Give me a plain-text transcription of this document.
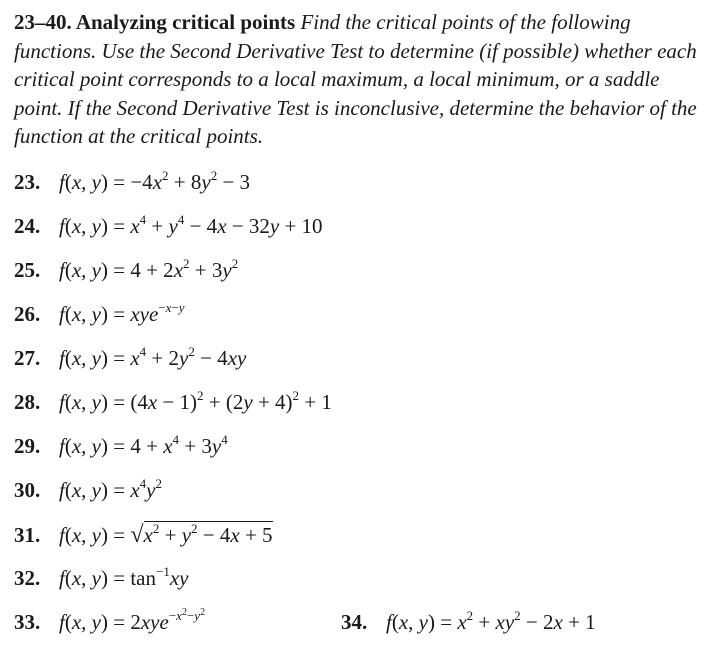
23–40. Analyzing critical points Find the critical points of the following functions. Use the Second Derivative Test to determine (if possible) whether each critical point corresponds to a local maximum, a local minimum, or a saddle point. If the Second Derivative Test is inconclusive, determine the behavior of the function at the critical points.
23. f(x, $y) = -4x^2 + 8y^2 - 3$
24. f(x, $y) = x^4 + y^4 - 4x - 32y + 10$
25. f(x, $y) = 4 + 2x^2 + 3y^2$
26. f(x, y) = xye$^{-x-y}$
27. f(x, $y) = x^4 + 2y^2 - 4xy$
28. f(x, $y) = (4x - 1)^2 + (2y + 4)^2 + 1$
29. f(x, $y) = 4 + x^4 + 3y^4$
30. f(x, $y) = x^4y^2$
31. f(x, $y) = √x^2 + y^2 - 4x + 5$
32. f(x, $y) = \tan^{-1}xy$
33. f(x, y) = 2xye$^{-x^2-y^2}$	34. f(x, $y) = x^2 + xy^2 - 2x + 1$
